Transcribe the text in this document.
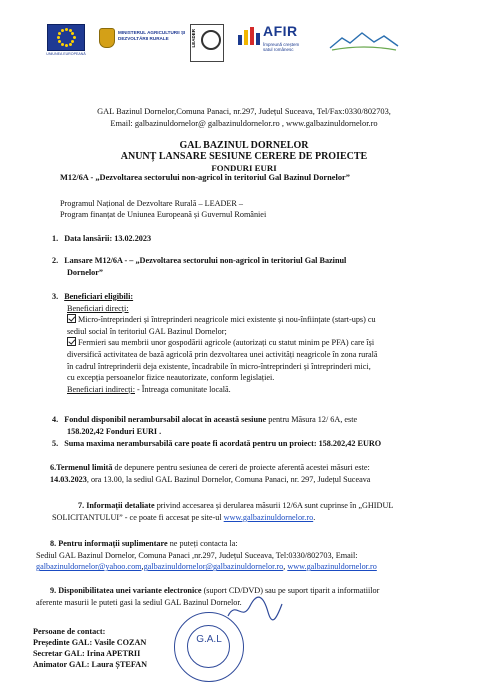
UNIUNEA EUROPEANĂ
MINISTERUL AGRICULTURII ȘI
DEZVOLTĂRII RURALE	LEADER	AFIR
Împreună creștem
satul românesc
GAL Bazinul Dornelor,Comuna Panaci, nr.297, Județul Suceava, Tel/Fax:0330/802703,
Email: galbazinuldornelor@ galbazinuldornelor.ro , www.galbazinuldornelor.ro
GAL BAZINUL DORNELOR
ANUNȚ LANSARE SESIUNE CERERE DE PROIECTE
FONDURI EURI
M12/6A - „Dezvoltarea sectorului non-agricol în teritoriul Gal Bazinul Dornelor”
Programul Național de Dezvoltare Rurală – LEADER –
Program finanțat de Uniunea Europeană și Guvernul României
1. Data lansării: 13.02.2023
2. Lansare M12/6A - – „Dezvoltarea sectorului non-agricol în teritoriul Gal Bazinul
Dornelor”
3. Beneficiari eligibili:
Beneficiari direcți:
Micro-întreprinderi și întreprinderi neagricole mici existente și nou-înființate (start-ups) cu
sediul social în teritoriul GAL Bazinul Dornelor;
Fermieri sau membrii unor gospodării agricole (autorizați cu statut minim pe PFA) care își
diversifică activitatea de bază agricolă prin dezvoltarea unei activități neagricole în zona rurală
în cadrul întreprinderii deja existente, încadrabile în micro-întreprinderi și întreprinderi mici,
cu excepția persoanelor fizice neautorizate, conform legislației.
Beneficiari indirecți: - Întreaga comunitate locală.
4. Fondul disponibil nerambursabil alocat în această sesiune pentru Măsura 12/ 6A, este
158.202,42 Fonduri EURI .
5. Suma maxima nerambursabilă care poate fi acordată pentru un proiect: 158.202,42 EURO
6.Termenul limită de depunere pentru sesiunea de cereri de proiecte aferentă acestei măsuri este:
14.03.2023, ora 13.00, la sediul GAL Bazinul Dornelor, Comuna Panaci, nr. 297, Județul Suceava
7. Informații detaliate privind accesarea și derularea măsurii 12/6A sunt cuprinse în „GHIDUL
SOLICITANTULUI” - ce poate fi accesat pe site-ul www.galbazinuldornelor.ro.
8. Pentru informații suplimentare ne puteți contacta la:
Sediul GAL Bazinul Dornelor, Comuna Panaci ,nr.297, Județul Suceava, Tel:0330/802703, Email:
galbazinuldornelor@yahoo.com,galbazinuldornelor@galbazinuldornelor.ro, www.galbazinuldornelor.ro
9. Disponibilitatea unei variante electronice (suport CD/DVD) sau pe suport tiparit a informatiilor
aferente masurii le puteti gasi la sediul GAL Bazinul Dornelor.
G.A.L
Persoane de contact:
Președinte GAL: Vasile COZAN
Secretar GAL: Irina APETRII
Animator GAL: Laura ȘTEFAN
